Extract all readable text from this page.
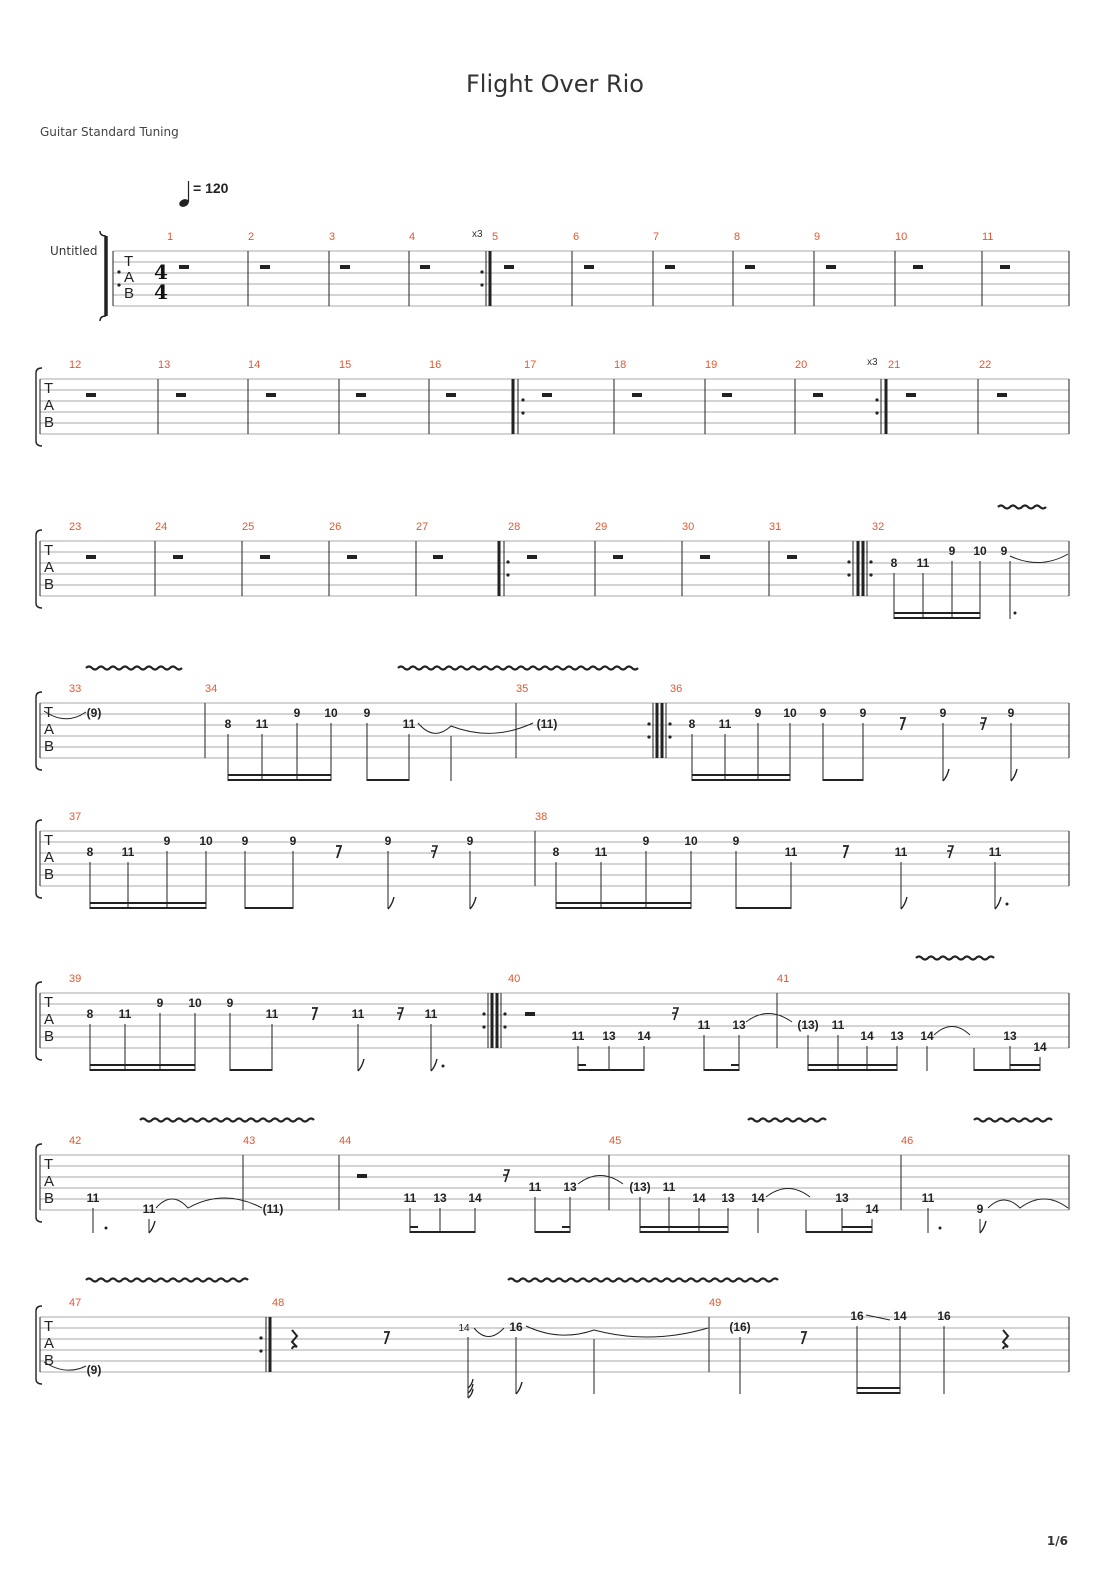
Flight Over Rio
Guitar Standard Tuning
= 120
Untitled
T
A
B
4
4
x3
1	2	3	4	5	6	7	8	9	10	11
T
A
B
x3
12	13	14	15	16	17	18	19	20	21	22
T
A
B
23	24	25	26	27	28	29	30	31	32
8 11
9 10 9
T
A
B
33	34	35	36
(9)
8 11
9 10 9
11	(11)	8 11
9 10 9	9	9	9
T
A
B
37	38
8 11
9 10 9	9	9	9
8	11
9	10	9
11	11	11
T
A
B
39	40	41
8 11
9 10 9
11	11	11
11 13 14
11 13	(13) 11
14 13 14	13
14
T
A
B
42	43	44	45	46
11
11	(11)
11 13 14
11 13	(13) 11
14 13 14	13
14
11
9
T
A
B
47	48	49
(9)
14	16	(16)
16 14	16
1/6
